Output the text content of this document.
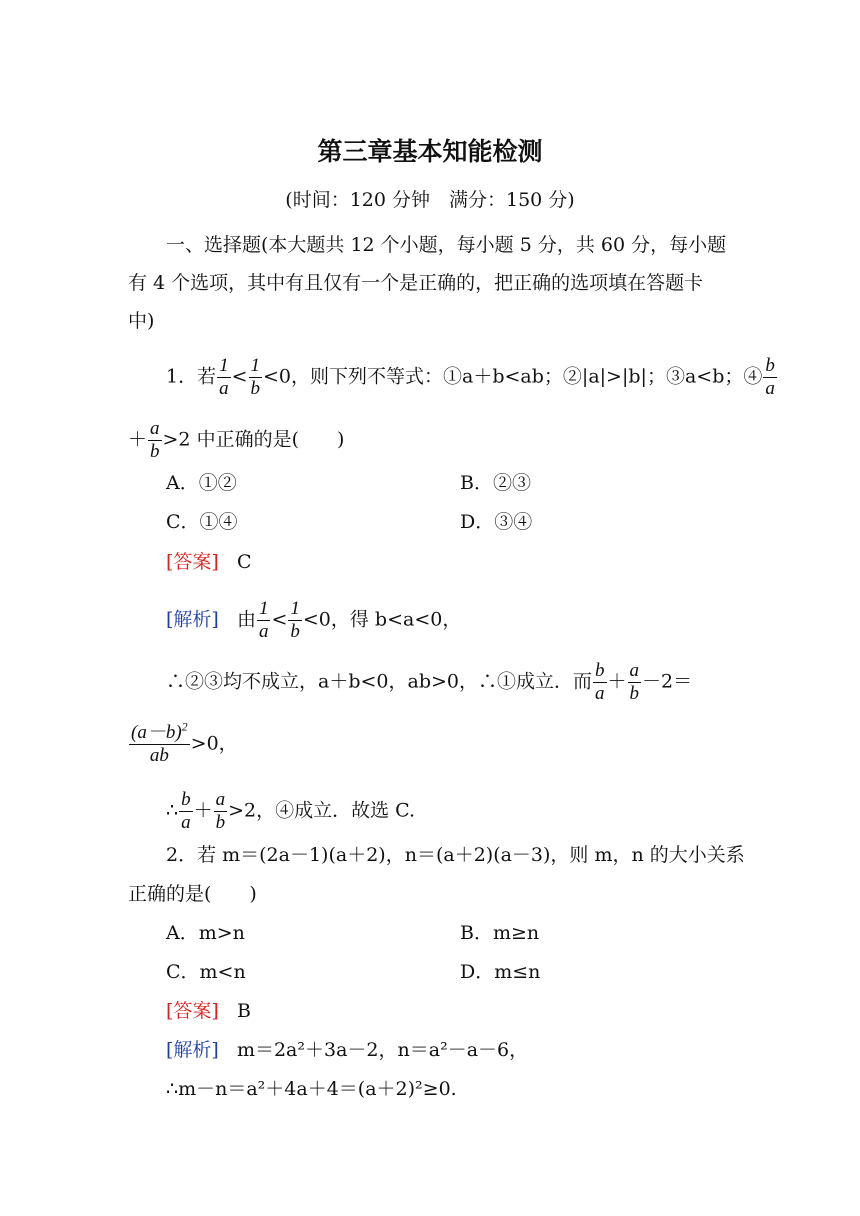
第三章基本知能检测
(时间：120 分钟　满分：150 分)
一、选择题(本大题共 12 个小题，每小题 5 分，共 60 分，每小题
有 4 个选项，其中有且仅有一个是正确的，把正确的选项填在答题卡
中)
1．若 $\frac{1}{a} < \frac{1}{b} <0$，则下列不等式：①a＋b<ab；②|a|>|b|；③a<b；④ $\frac{b}{a}$
＋ $\frac{a}{b} >2$ 中正确的是(　　)
A．①②	B．②③
C．①④	D．③④
[答案] C
[解析]   由 $\frac{1}{a} < \frac{1}{b} <0$，得 b<a<0，
∴②③均不成立，a＋b<0，ab>0，∴①成立．而 $\frac{b}{a} + \frac{a}{b} -2=$
$\frac{(a-b)^2}{ab} >0$，
∴ $\frac{b}{a} + \frac{a}{b} >2$，④成立．故选 C.
2．若 m＝(2a－1)(a＋2)，n＝(a＋2)(a－3)，则 m，n 的大小关系
正确的是(　　)
A．m>n	B．m≥n
C．m<n	D．m≤n
[答案] B
[解析] m＝2a²＋3a－2，n＝a²－a－6，
∴m－n＝a²＋4a＋4＝(a＋2)²≥0.
